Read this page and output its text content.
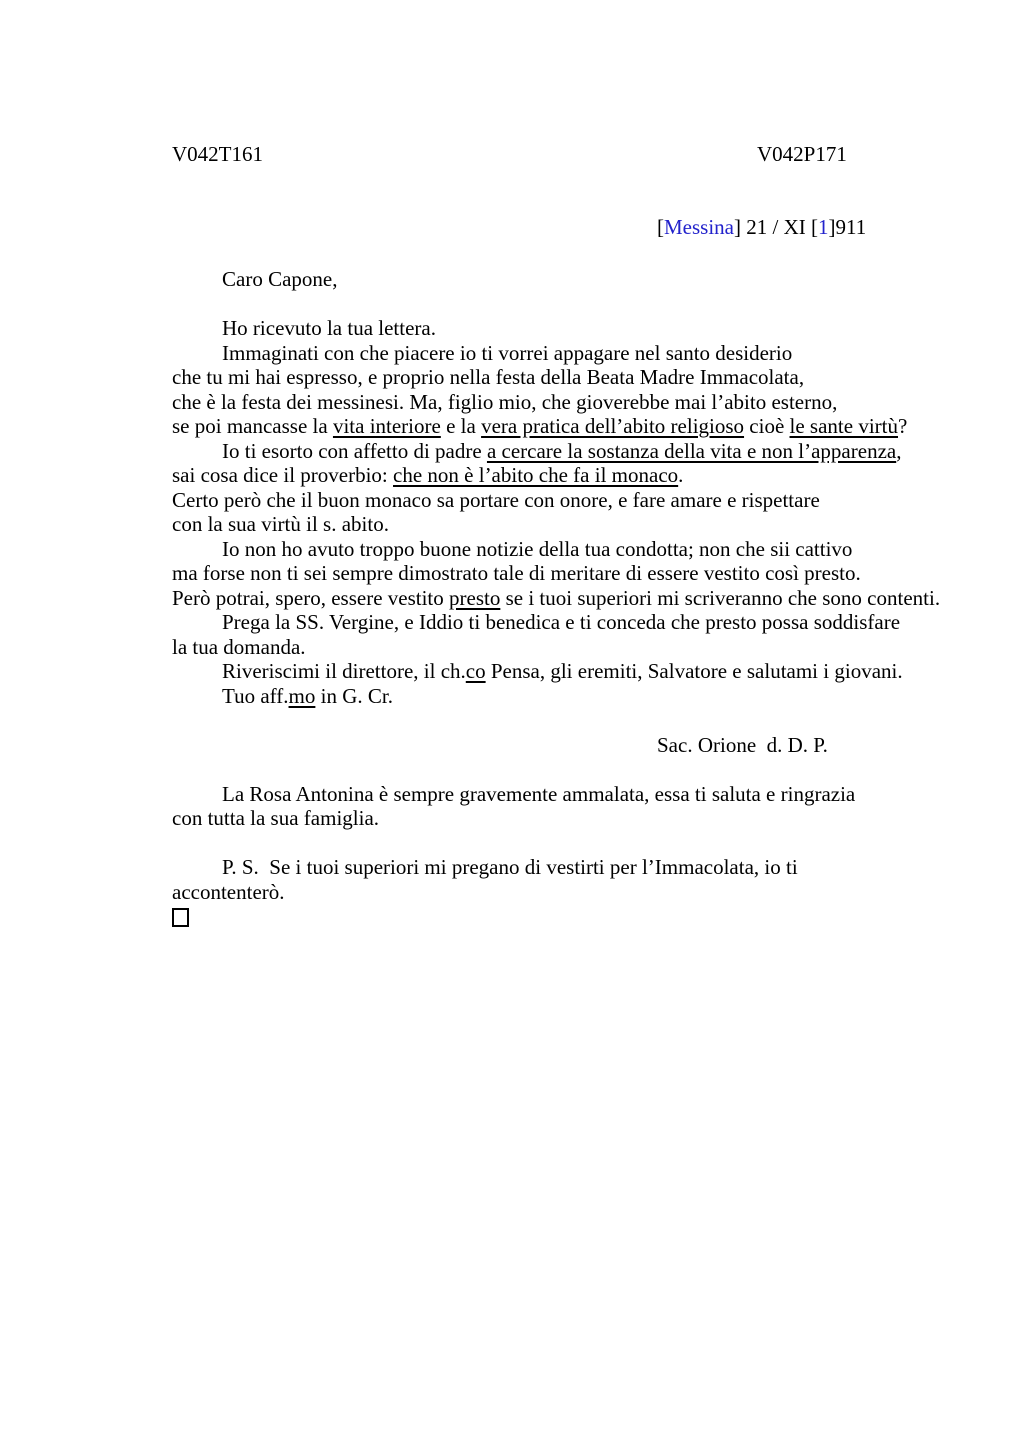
V042T161	V042P171
[Messina] 21 / XI [1]911
Caro Capone,
Ho ricevuto la tua lettera.
Immaginati con che piacere io ti vorrei appagare nel santo desiderio
che tu mi hai espresso, e proprio nella festa della Beata Madre Immacolata,
che è la festa dei messinesi. Ma, figlio mio, che gioverebbe mai l’abito esterno,
se poi mancasse la vita interiore e la vera pratica dell’abito religioso cioè le sante virtù?
Io ti esorto con affetto di padre a cercare la sostanza della vita e non l’apparenza,
sai cosa dice il proverbio: che non è l’abito che fa il monaco.
Certo però che il buon monaco sa portare con onore, e fare amare e rispettare
con la sua virtù il s. abito.
Io non ho avuto troppo buone notizie della tua condotta; non che sii cattivo
ma forse non ti sei sempre dimostrato tale di meritare di essere vestito così presto.
Però potrai, spero, essere vestito presto se i tuoi superiori mi scriveranno che sono contenti.
Prega la SS. Vergine, e Iddio ti benedica e ti conceda che presto possa soddisfare
la tua domanda.
Riveriscimi il direttore, il ch.co Pensa, gli eremiti, Salvatore e salutami i giovani.
Tuo aff.mo in G. Cr.
Sac. Orione  d. D. P.
La Rosa Antonina è sempre gravemente ammalata, essa ti saluta e ringrazia
con tutta la sua famiglia.
P. S.  Se i tuoi superiori mi pregano di vestirti per l’Immacolata, io ti
accontenterò.
